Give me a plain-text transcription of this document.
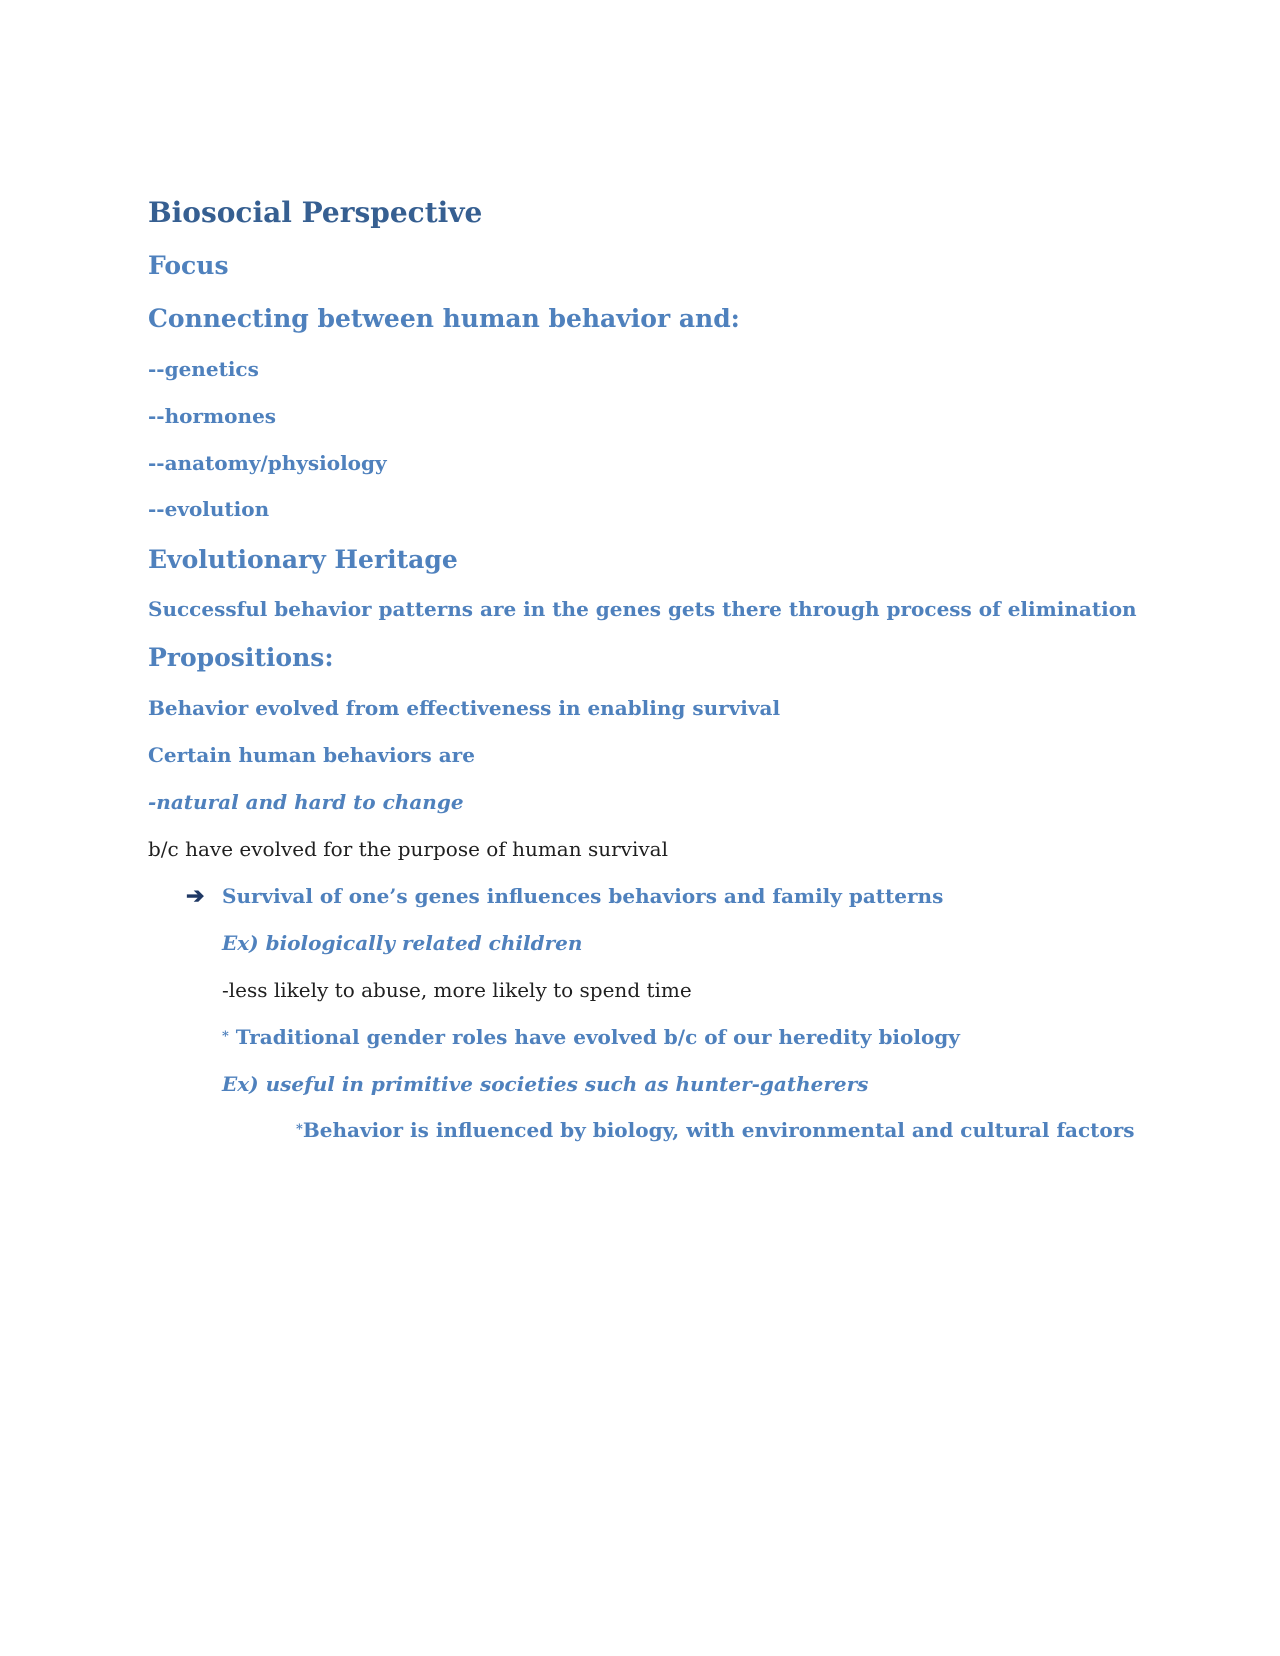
Biosocial Perspective
Focus
Connecting between human behavior and:
--genetics
--hormones
--anatomy/physiology
--evolution
Evolutionary Heritage
Successful behavior patterns are in the genes gets there through process of elimination
Propositions:
Behavior evolved from effectiveness in enabling survival
Certain human behaviors are
-natural and hard to change
b/c have evolved for the purpose of human survival
➔ Survival of one’s genes influences behaviors and family patterns
Ex) biologically related children
-less likely to abuse, more likely to spend time
* Traditional gender roles have evolved b/c of our heredity biology
Ex) useful in primitive societies such as hunter-gatherers
*Behavior is influenced by biology, with environmental and cultural factors
